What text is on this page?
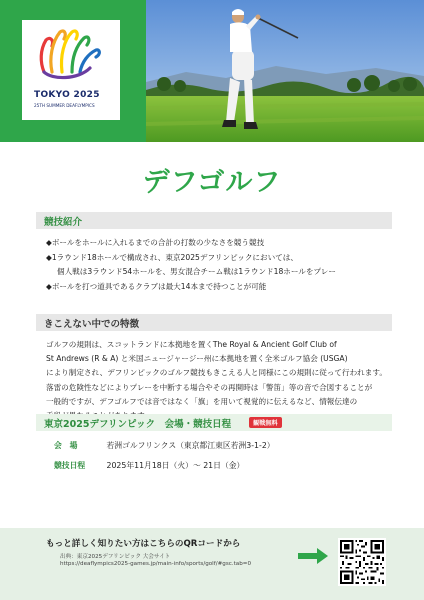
TOKYO 2025
25TH SUMMER DEAFLYMPICS
デフゴルフ
競技紹介
◆ボールをホールに入れるまでの合計の打数の少なさを競う競技
◆1ラウンド18ホールで構成され、東京2025デフリンピックにおいては、
個人戦は3ラウンド54ホールを、男女混合チーム戦は1ラウンド18ホールをプレー
◆ボールを打つ道具であるクラブは最大14本まで持つことが可能
きこえない中での特徴
ゴルフの規則は、スコットランドに本拠地を置くThe Royal & Ancient Golf Club of
St Andrews (R & A) と米国ニュージャージー州に本拠地を置く全米ゴルフ協会 (USGA)
により制定され、デフリンピックのゴルフ競技もきこえる人と同様にこの規則に従って行われます。
落雷の危険性などによりプレーを中断する場合やその再開時は「警笛」等の音で合図することが
一般的ですが、デフゴルフでは音ではなく「旗」を用いて視覚的に伝えるなど、情報伝達の
東京2025デフリンピック　会場・競技日程	観戦無料
会　場	若洲ゴルフリンクス（東京都江東区若洲3-1-2）
競技日程	2025年11月18日（火）～ 21日（金）
もっと詳しく知りたい方はこちらのQRコードから
出典：東京2025デフリンピック 大会サイト
https://deaflympics2025-games.jp/main-info/sports/golf/#gsc.tab=0
